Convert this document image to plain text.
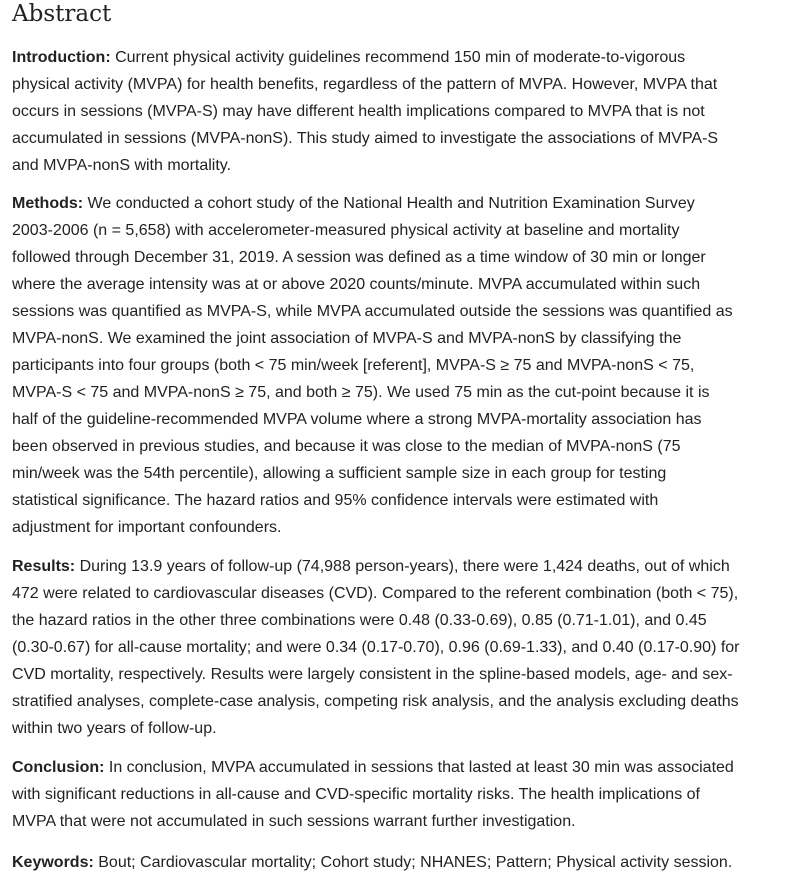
Abstract
Introduction: Current physical activity guidelines recommend 150 min of moderate-to-vigorous
physical activity (MVPA) for health benefits, regardless of the pattern of MVPA. However, MVPA that
occurs in sessions (MVPA-S) may have different health implications compared to MVPA that is not
accumulated in sessions (MVPA-nonS). This study aimed to investigate the associations of MVPA-S
and MVPA-nonS with mortality.
Methods: We conducted a cohort study of the National Health and Nutrition Examination Survey
2003-2006 (n = 5,658) with accelerometer-measured physical activity at baseline and mortality
followed through December 31, 2019. A session was defined as a time window of 30 min or longer
where the average intensity was at or above 2020 counts/minute. MVPA accumulated within such
sessions was quantified as MVPA-S, while MVPA accumulated outside the sessions was quantified as
MVPA-nonS. We examined the joint association of MVPA-S and MVPA-nonS by classifying the
participants into four groups (both < 75 min/week [referent], MVPA-S ≥ 75 and MVPA-nonS < 75,
MVPA-S < 75 and MVPA-nonS ≥ 75, and both ≥ 75). We used 75 min as the cut-point because it is
half of the guideline-recommended MVPA volume where a strong MVPA-mortality association has
been observed in previous studies, and because it was close to the median of MVPA-nonS (75
min/week was the 54th percentile), allowing a sufficient sample size in each group for testing
statistical significance. The hazard ratios and 95% confidence intervals were estimated with
adjustment for important confounders.
Results: During 13.9 years of follow-up (74,988 person-years), there were 1,424 deaths, out of which
472 were related to cardiovascular diseases (CVD). Compared to the referent combination (both < 75),
the hazard ratios in the other three combinations were 0.48 (0.33-0.69), 0.85 (0.71-1.01), and 0.45
(0.30-0.67) for all-cause mortality; and were 0.34 (0.17-0.70), 0.96 (0.69-1.33), and 0.40 (0.17-0.90) for
CVD mortality, respectively. Results were largely consistent in the spline-based models, age- and sex-
stratified analyses, complete-case analysis, competing risk analysis, and the analysis excluding deaths
within two years of follow-up.
Conclusion: In conclusion, MVPA accumulated in sessions that lasted at least 30 min was associated
with significant reductions in all-cause and CVD-specific mortality risks. The health implications of
MVPA that were not accumulated in such sessions warrant further investigation.
Keywords: Bout; Cardiovascular mortality; Cohort study; NHANES; Pattern; Physical activity session.
